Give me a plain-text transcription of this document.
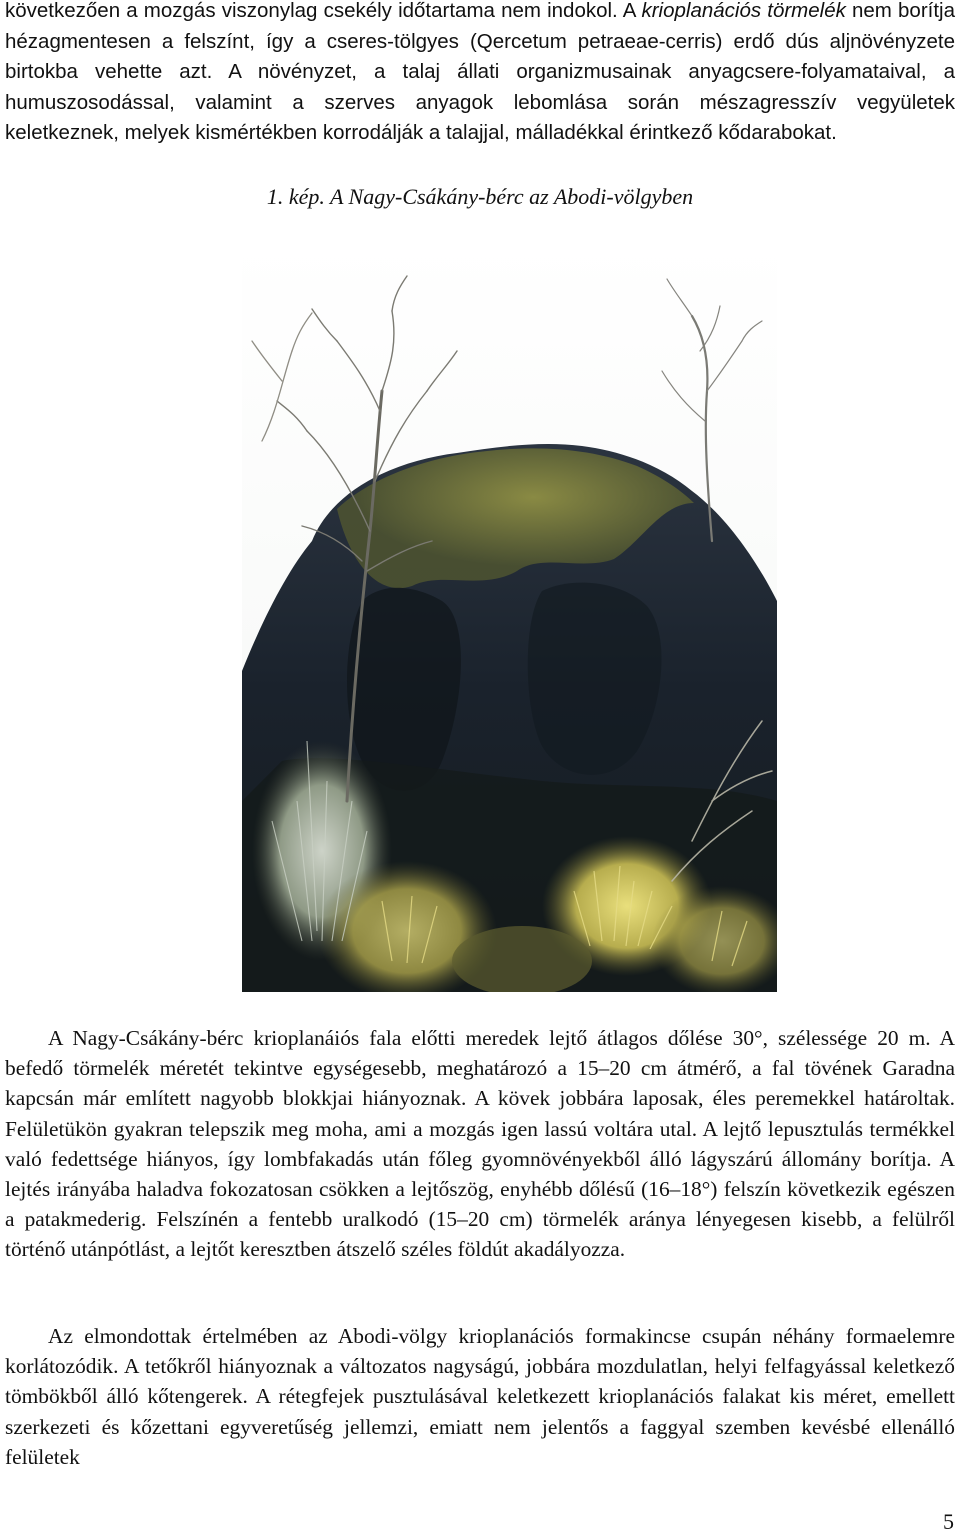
következően a mozgás viszonylag csekély időtartama nem indokol. A krioplanációs törmelék nem borítja hézagmentesen a felszínt, így a cseres-tölgyes (Qercetum petraeae-cerris) erdő dús aljnövényzete birtokba vehette azt. A növényzet, a talaj állati organizmusainak anyagcsere-folyamataival, a humuszosodással, valamint a szerves anyagok lebomlása során mészagresszív vegyületek keletkeznek, melyek kismértékben korrodálják a talajjal, málladékkal érintkező kődarabokat.

1. kép. A Nagy-Csákány-bérc az Abodi-völgyben

A Nagy-Csákány-bérc krioplanáiós fala előtti meredek lejtő átlagos dőlése 30°, szélessége 20 m. A befedő törmelék méretét tekintve egységesebb, meghatározó a 15–20 cm átmérő, a fal tövének Garadna kapcsán már említett nagyobb blokkjai hiányoznak. A kövek jobbára laposak, éles peremekkel határoltak. Felületükön gyakran telepszik meg moha, ami a mozgás igen lassú voltára utal. A lejtő lepusztulás termékkel való fedettsége hiányos, így lombfakadás után főleg gyomnövényekből álló lágyszárú állomány borítja. A lejtés irányába haladva fokozatosan csökken a lejtőszög, enyhébb dőlésű (16–18°) felszín következik egészen a patakmederig. Felszínén a fentebb uralkodó (15–20 cm) törmelék aránya lényegesen kisebb, a felülről történő utánpótlást, a lejtőt keresztben átszelő széles földút akadályozza.

Az elmondottak értelmében az Abodi-völgy krioplanációs formakincse csupán néhány formaelemre korlátozódik. A tetőkről hiányoznak a változatos nagyságú, jobbára mozdulatlan, helyi felfagyással keletkező tömbökből álló kőtengerek. A rétegfejek pusztulásával keletkezett krioplanációs falakat kis méret, emellett szerkezeti és kőzettani egyveretűség jellemzi, emiatt nem jelentős a faggyal szemben kevésbé ellenálló felületek

5
